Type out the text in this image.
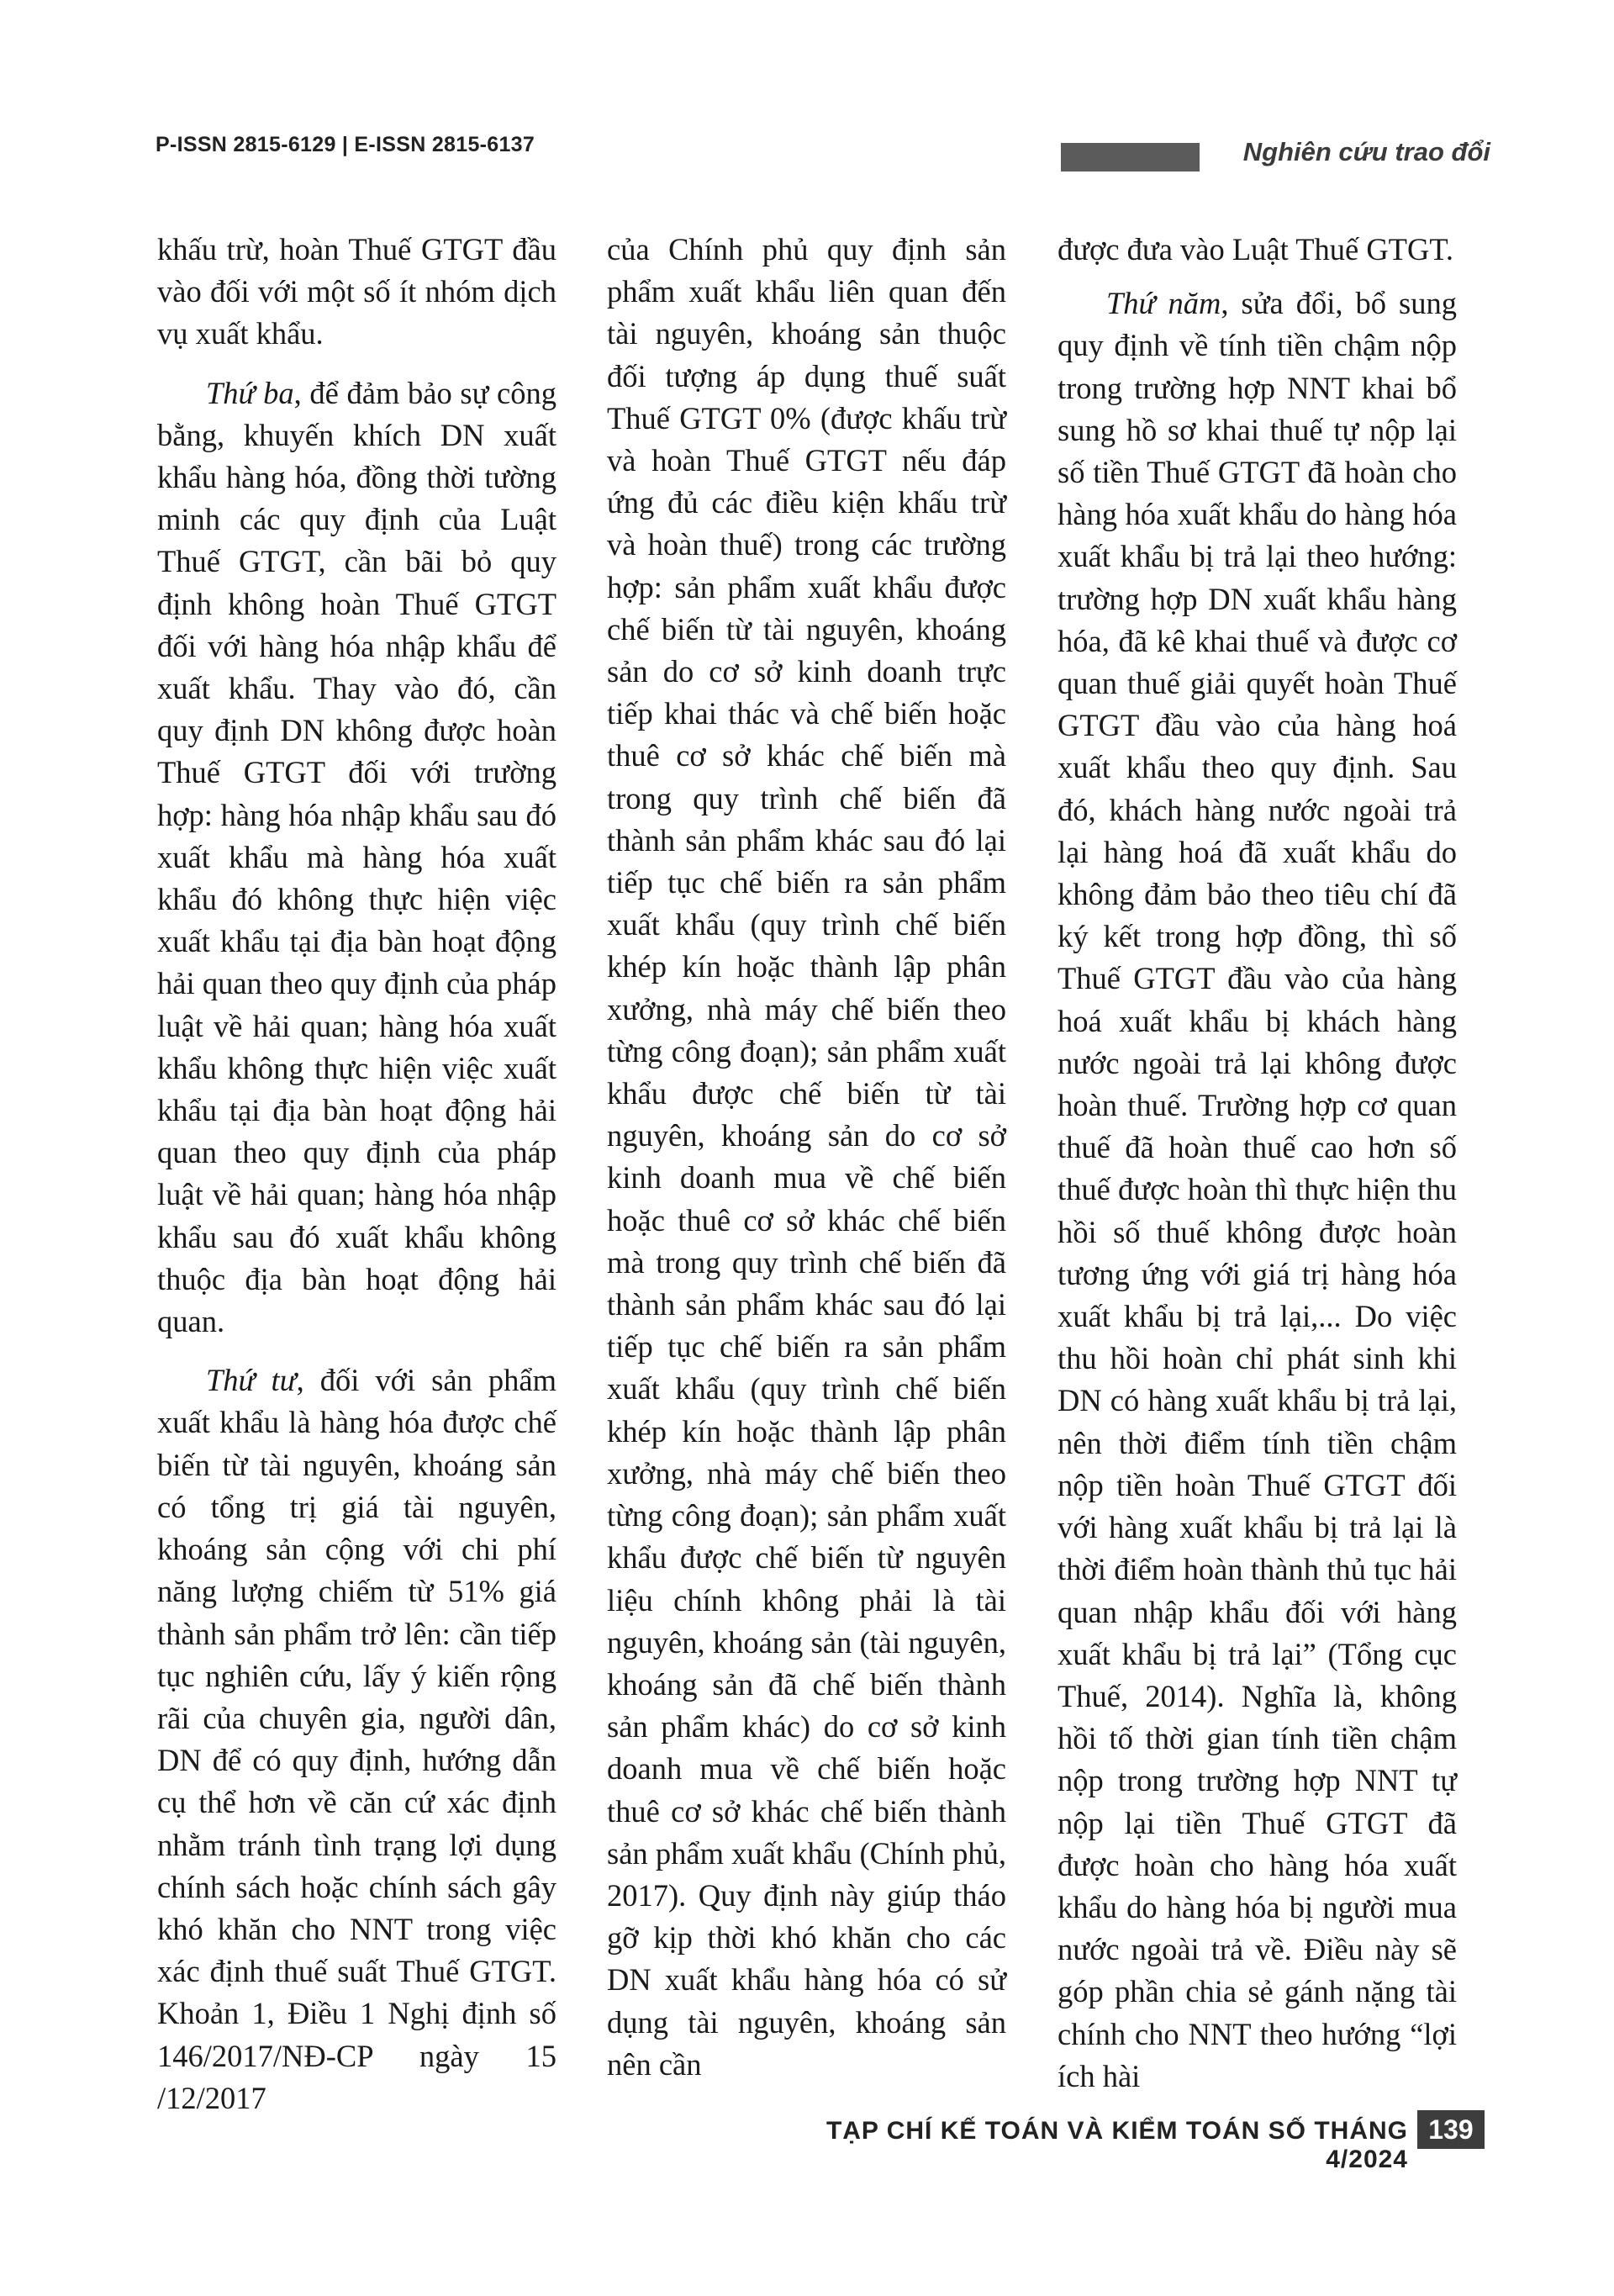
P-ISSN 2815-6129 | E-ISSN 2815-6137	Nghiên cứu trao đổi

khấu trừ, hoàn Thuế GTGT đầu vào đối với một số ít nhóm dịch vụ xuất khẩu.

Thứ ba, để đảm bảo sự công bằng, khuyến khích DN xuất khẩu hàng hóa, đồng thời tường minh các quy định của Luật Thuế GTGT, cần bãi bỏ quy định không hoàn Thuế GTGT đối với hàng hóa nhập khẩu để xuất khẩu. Thay vào đó, cần quy định DN không được hoàn Thuế GTGT đối với trường hợp: hàng hóa nhập khẩu sau đó xuất khẩu mà hàng hóa xuất khẩu đó không thực hiện việc xuất khẩu tại địa bàn hoạt động hải quan theo quy định của pháp luật về hải quan; hàng hóa xuất khẩu không thực hiện việc xuất khẩu tại địa bàn hoạt động hải quan theo quy định của pháp luật về hải quan; hàng hóa nhập khẩu sau đó xuất khẩu không thuộc địa bàn hoạt động hải quan.

Thứ tư, đối với sản phẩm xuất khẩu là hàng hóa được chế biến từ tài nguyên, khoáng sản có tổng trị giá tài nguyên, khoáng sản cộng với chi phí năng lượng chiếm từ 51% giá thành sản phẩm trở lên: cần tiếp tục nghiên cứu, lấy ý kiến rộng rãi của chuyên gia, người dân, DN để có quy định, hướng dẫn cụ thể hơn về căn cứ xác định nhằm tránh tình trạng lợi dụng chính sách hoặc chính sách gây khó khăn cho NNT trong việc xác định thuế suất Thuế GTGT. Khoản 1, Điều 1 Nghị định số 146/2017/NĐ-CP ngày 15 /12/2017

của Chính phủ quy định sản phẩm xuất khẩu liên quan đến tài nguyên, khoáng sản thuộc đối tượng áp dụng thuế suất Thuế GTGT 0% (được khấu trừ và hoàn Thuế GTGT nếu đáp ứng đủ các điều kiện khấu trừ và hoàn thuế) trong các trường hợp: sản phẩm xuất khẩu được chế biến từ tài nguyên, khoáng sản do cơ sở kinh doanh trực tiếp khai thác và chế biến hoặc thuê cơ sở khác chế biến mà trong quy trình chế biến đã thành sản phẩm khác sau đó lại tiếp tục chế biến ra sản phẩm xuất khẩu (quy trình chế biến khép kín hoặc thành lập phân xưởng, nhà máy chế biến theo từng công đoạn); sản phẩm xuất khẩu được chế biến từ tài nguyên, khoáng sản do cơ sở kinh doanh mua về chế biến hoặc thuê cơ sở khác chế biến mà trong quy trình chế biến đã thành sản phẩm khác sau đó lại tiếp tục chế biến ra sản phẩm xuất khẩu (quy trình chế biến khép kín hoặc thành lập phân xưởng, nhà máy chế biến theo từng công đoạn); sản phẩm xuất khẩu được chế biến từ nguyên liệu chính không phải là tài nguyên, khoáng sản (tài nguyên, khoáng sản đã chế biến thành sản phẩm khác) do cơ sở kinh doanh mua về chế biến hoặc thuê cơ sở khác chế biến thành sản phẩm xuất khẩu (Chính phủ, 2017). Quy định này giúp tháo gỡ kịp thời khó khăn cho các DN xuất khẩu hàng hóa có sử dụng tài nguyên, khoáng sản nên cần

được đưa vào Luật Thuế GTGT.

Thứ năm, sửa đổi, bổ sung quy định về tính tiền chậm nộp trong trường hợp NNT khai bổ sung hồ sơ khai thuế tự nộp lại số tiền Thuế GTGT đã hoàn cho hàng hóa xuất khẩu do hàng hóa xuất khẩu bị trả lại theo hướng: trường hợp DN xuất khẩu hàng hóa, đã kê khai thuế và được cơ quan thuế giải quyết hoàn Thuế GTGT đầu vào của hàng hoá xuất khẩu theo quy định. Sau đó, khách hàng nước ngoài trả lại hàng hoá đã xuất khẩu do không đảm bảo theo tiêu chí đã ký kết trong hợp đồng, thì số Thuế GTGT đầu vào của hàng hoá xuất khẩu bị khách hàng nước ngoài trả lại không được hoàn thuế. Trường hợp cơ quan thuế đã hoàn thuế cao hơn số thuế được hoàn thì thực hiện thu hồi số thuế không được hoàn tương ứng với giá trị hàng hóa xuất khẩu bị trả lại,... Do việc thu hồi hoàn chỉ phát sinh khi DN có hàng xuất khẩu bị trả lại, nên thời điểm tính tiền chậm nộp tiền hoàn Thuế GTGT đối với hàng xuất khẩu bị trả lại là thời điểm hoàn thành thủ tục hải quan nhập khẩu đối với hàng xuất khẩu bị trả lại” (Tổng cục Thuế, 2014). Nghĩa là, không hồi tố thời gian tính tiền chậm nộp trong trường hợp NNT tự nộp lại tiền Thuế GTGT đã được hoàn cho hàng hóa xuất khẩu do hàng hóa bị người mua nước ngoài trả về. Điều này sẽ góp phần chia sẻ gánh nặng tài chính cho NNT theo hướng “lợi ích hài

TẠP CHÍ KẾ TOÁN VÀ KIỂM TOÁN SỐ THÁNG 4/2024
139
